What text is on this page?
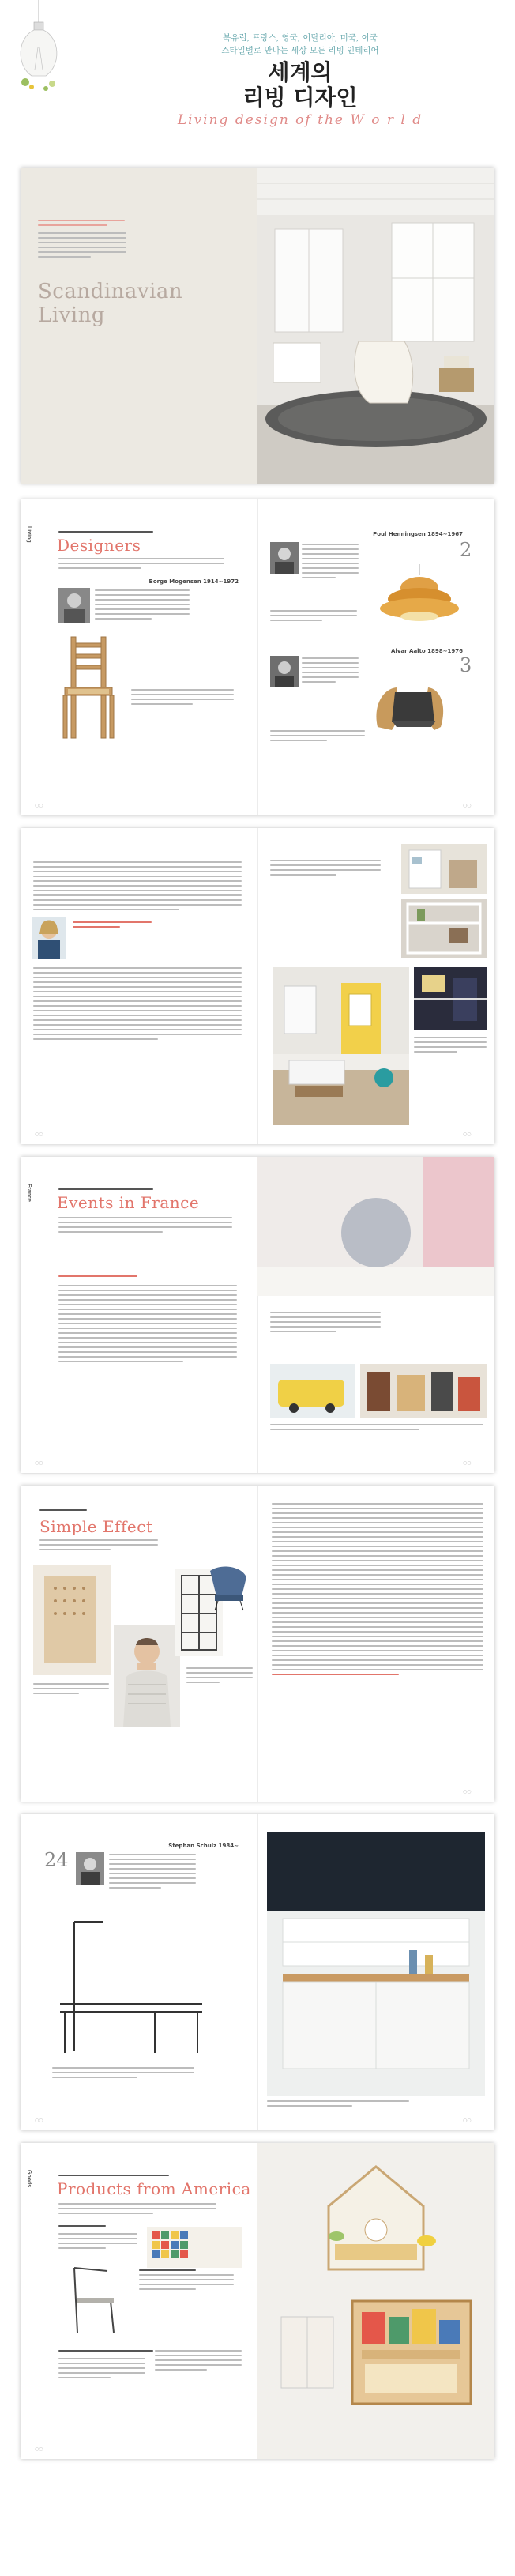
북유럽, 프랑스, 영국, 이탈리아, 미국, 이국
스타일별로 만나는 세상 모든 리빙 인테리어
세계의
리빙 디자인
Living design of the W o r l d
Scandinavian
Living
Living
Designers
Borge Mogensen 1914~1972
Poul Henningsen 1894~1967
2
Alvar Aalto 1898~1976
3
○○	○○
○○	○○
France
Events in France
○○	○○
Simple Effect
○○
Stephan Schulz 1984~
24
○○	○○
Goods
Products from America
○○
